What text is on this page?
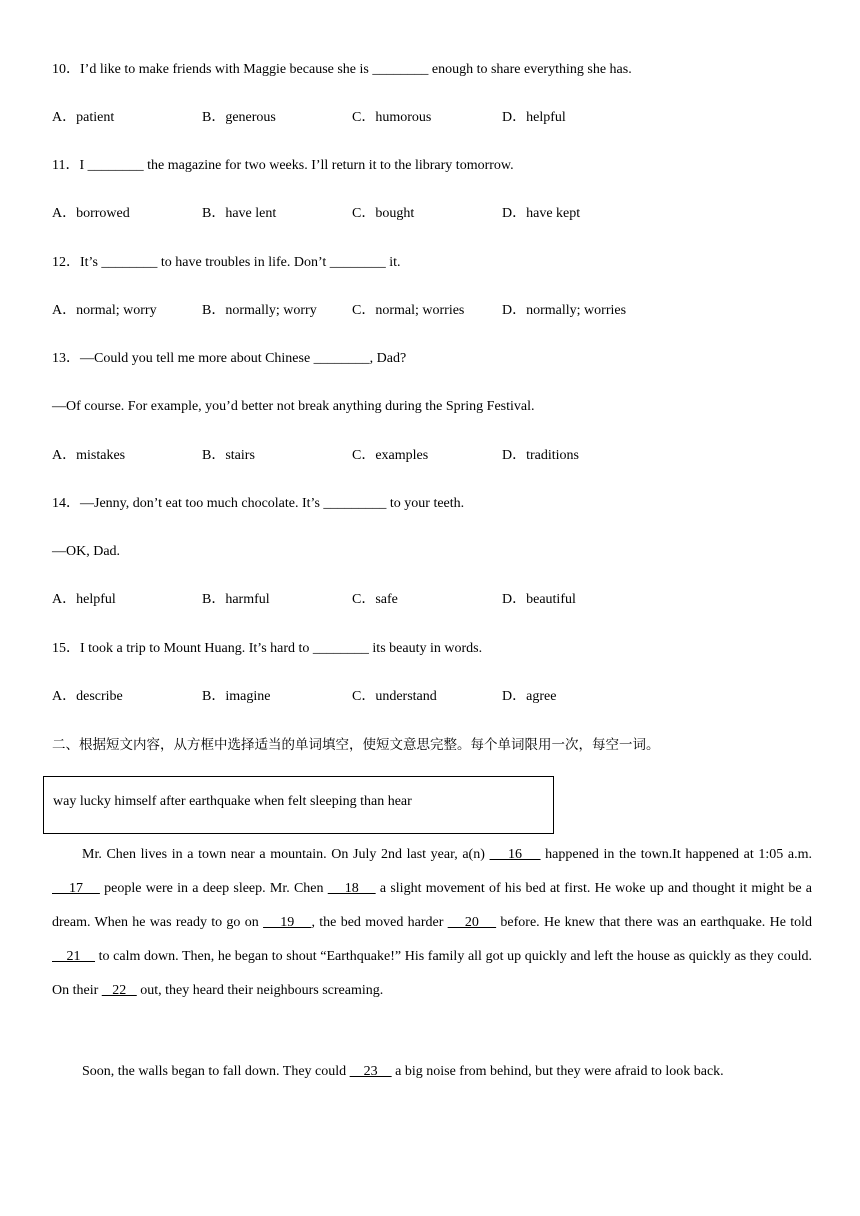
10．I’d like to make friends with Maggie because she is ________ enough to share everything she has.
A．patient	B．generous	C．humorous	D．helpful
11．I ________ the magazine for two weeks. I’ll return it to the library tomorrow.
A．borrowed	B．have lent	C．bought	D．have kept
12．It’s ________ to have troubles in life. Don’t ________ it.
A．normal; worry	B．normally; worry	C．normal; worries	D．normally; worries
13．—Could you tell me more about Chinese ________, Dad?
—Of course. For example, you’d better not break anything during the Spring Festival.
A．mistakes	B．stairs	C．examples	D．traditions
14．—Jenny, don’t eat too much chocolate. It’s _________ to your teeth.
—OK, Dad.
A．helpful	B．harmful	C．safe	D．beautiful
15．I took a trip to Mount Huang. It’s hard to ________ its beauty in words.
A．describe	B．imagine	C．understand	D．agree
二、根据短文内容，从方框中选择适当的单词填空，使短文意思完整。每个单词限用一次，每空一词。
way lucky himself after earthquake when felt sleeping than hear
Mr. Chen lives in a town near a mountain. On July 2nd last year, a(n)     16     happened in the town.It happened at 1:05 a.m.     17     people were in a deep sleep. Mr. Chen     18     a slight movement of his bed at first. He woke up and thought it might be a dream. When he was ready to go on     19    , the bed moved harder     20     before. He knew that there was an earthquake. He told     21     to calm down. Then, he began to shout “Earthquake!” His family all got up quickly and left the house as quickly as they could. On their    22    out, they heard their neighbours screaming.
Soon, the walls began to fall down. They could     23     a big noise from behind, but they were afraid to look back.
